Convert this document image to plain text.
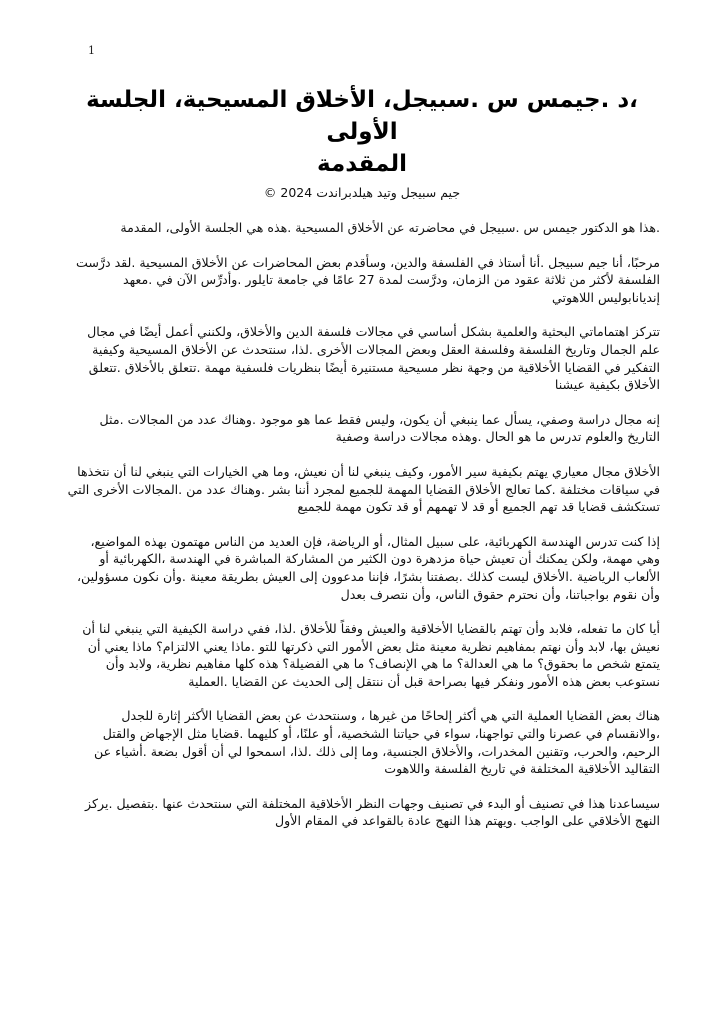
1
،د .جيمس س .سبيجل، الأخلاق المسيحية، الجلسة الأولى
المقدمة
جيم سبيجل وتيد هيلدبراندت 2024 ©

.هذا هو الدكتور جيمس س .سبيجل في محاضرته عن الأخلاق المسيحية .هذه هي الجلسة الأولى، المقدمة

مرحبًا، أنا جيم سبيجل .أنا أستاذ في الفلسفة والدين، وسأقدم بعض المحاضرات عن الأخلاق المسيحية .لقد درَّست الفلسفة لأكثر من ثلاثة عقود من الزمان، ودرَّست لمدة 27 عامًا في جامعة تايلور .وأدرِّس الآن في .معهد إنديانابوليس اللاهوتي

تتركز اهتماماتي البحثية والعلمية بشكل أساسي في مجالات فلسفة الدين والأخلاق، ولكنني أعمل أيضًا في مجال علم الجمال وتاريخ الفلسفة وفلسفة العقل وبعض المجالات الأخرى .لذا، سنتحدث عن الأخلاق المسيحية وكيفية التفكير في القضايا الأخلاقية من وجهة نظر مسيحية مستنيرة أيضًا بنظريات فلسفية مهمة .تتعلق بالأخلاق .تتعلق الأخلاق بكيفية عيشنا

إنه مجال دراسة وصفي، يسأل عما ينبغي أن يكون، وليس فقط عما هو موجود .وهناك عدد من المجالات .مثل التاريخ والعلوم تدرس ما هو الحال .وهذه مجالات دراسة وصفية

الأخلاق مجال معياري يهتم بكيفية سير الأمور، وكيف ينبغي لنا أن نعيش، وما هي الخيارات التي ينبغي لنا أن نتخذها في سياقات مختلفة .كما تعالج الأخلاق القضايا المهمة للجميع لمجرد أننا بشر .وهناك عدد من .المجالات الأخرى التي تستكشف قضايا قد تهم الجميع أو قد لا تهمهم أو قد تكون مهمة للجميع

إذا كنت تدرس الهندسة الكهربائية، على سبيل المثال، أو الرياضة، فإن العديد من الناس مهتمون بهذه المواضيع، وهي مهمة، ولكن يمكنك أن تعيش حياة مزدهرة دون الكثير من المشاركة المباشرة في الهندسة ،الكهربائية أو الألعاب الرياضية .الأخلاق ليست كذلك .بصفتنا بشرًا، فإننا مدعوون إلى العيش بطريقة معينة .وأن نكون مسؤولين، وأن نقوم بواجباتنا، وأن نحترم حقوق الناس، وأن نتصرف بعدل

أيا كان ما تفعله، فلابد وأن تهتم بالقضايا الأخلاقية والعيش وفقاً للأخلاق .لذا، ففي دراسة الكيفية التي ينبغي لنا أن نعيش بها، لابد وأن نهتم بمفاهيم نظرية معينة مثل بعض الأمور التي ذكرتها للتو .ماذا يعني الالتزام؟ ماذا يعني أن يتمتع شخص ما بحقوق؟ ما هي العدالة؟ ما هي الإنصاف؟ ما هي الفضيلة؟ هذه كلها مفاهيم نظرية، ولابد وأن نستوعب بعض هذه الأمور ونفكر فيها بصراحة قبل أن ننتقل إلى الحديث عن القضايا .العملية

هناك بعض القضايا العملية التي هي أكثر إلحاحًا من غيرها ، وسنتحدث عن بعض القضايا الأكثر إثارة للجدل ،والانقسام في عصرنا والتي تواجهنا، سواء في حياتنا الشخصية، أو علنًا، أو كليهما .قضايا مثل الإجهاض والقتل الرحيم، والحرب، وتقنين المخدرات، والأخلاق الجنسية، وما إلى ذلك .لذا، اسمحوا لي أن أقول بضعة .أشياء عن التقاليد الأخلاقية المختلفة في تاريخ الفلسفة واللاهوت

سيساعدنا هذا في تصنيف أو البدء في تصنيف وجهات النظر الأخلاقية المختلفة التي سنتحدث عنها .بتفصيل .يركز النهج الأخلاقي على الواجب .ويهتم هذا النهج عادة بالقواعد في المقام الأول
